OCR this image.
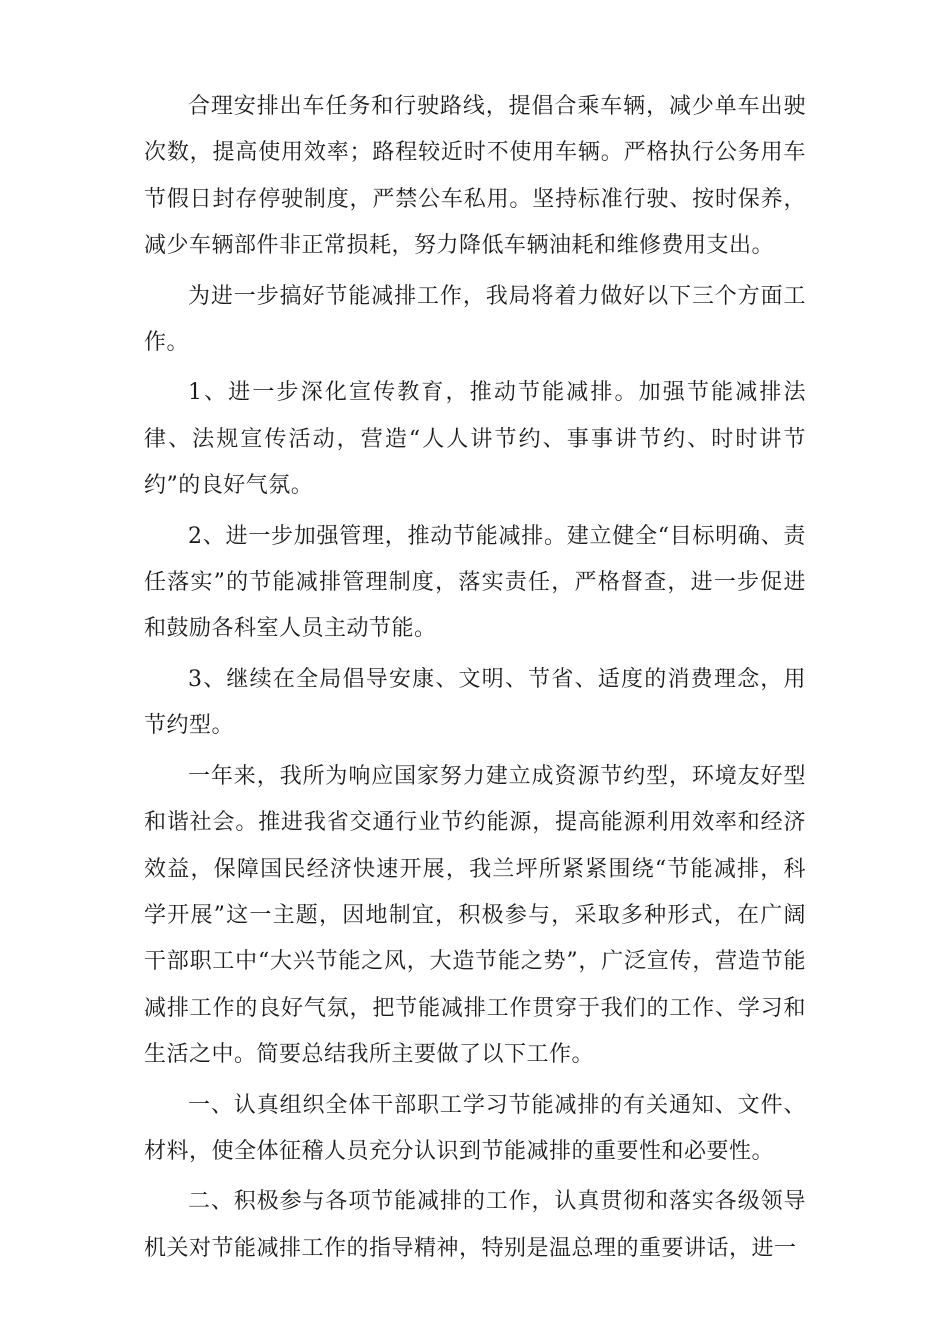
合理安排出车任务和行驶路线，提倡合乘车辆，减少单车出驶次数，提高使用效率；路程较近时不使用车辆。严格执行公务用车节假日封存停驶制度，严禁公车私用。坚持标准行驶、按时保养，减少车辆部件非正常损耗，努力降低车辆油耗和维修费用支出。

为进一步搞好节能减排工作，我局将着力做好以下三个方面工作。

1、进一步深化宣传教育，推动节能减排。加强节能减排法律、法规宣传活动，营造“人人讲节约、事事讲节约、时时讲节约”的良好气氛。

2、进一步加强管理，推动节能减排。建立健全“目标明确、责任落实”的节能减排管理制度，落实责任，严格督查，进一步促进和鼓励各科室人员主动节能。

3、继续在全局倡导安康、文明、节省、适度的消费理念，用节约型。

一年来，我所为响应国家努力建立成资源节约型，环境友好型和谐社会。推进我省交通行业节约能源，提高能源利用效率和经济效益，保障国民经济快速开展，我兰坪所紧紧围绕“节能减排，科学开展”这一主题，因地制宜，积极参与，采取多种形式，在广阔干部职工中“大兴节能之风，大造节能之势”，广泛宣传，营造节能减排工作的良好气氛，把节能减排工作贯穿于我们的工作、学习和生活之中。简要总结我所主要做了以下工作。

一、认真组织全体干部职工学习节能减排的有关通知、文件、材料，使全体征稽人员充分认识到节能减排的重要性和必要性。

二、积极参与各项节能减排的工作，认真贯彻和落实各级领导机关对节能减排工作的指导精神，特别是温总理的重要讲话，进一
